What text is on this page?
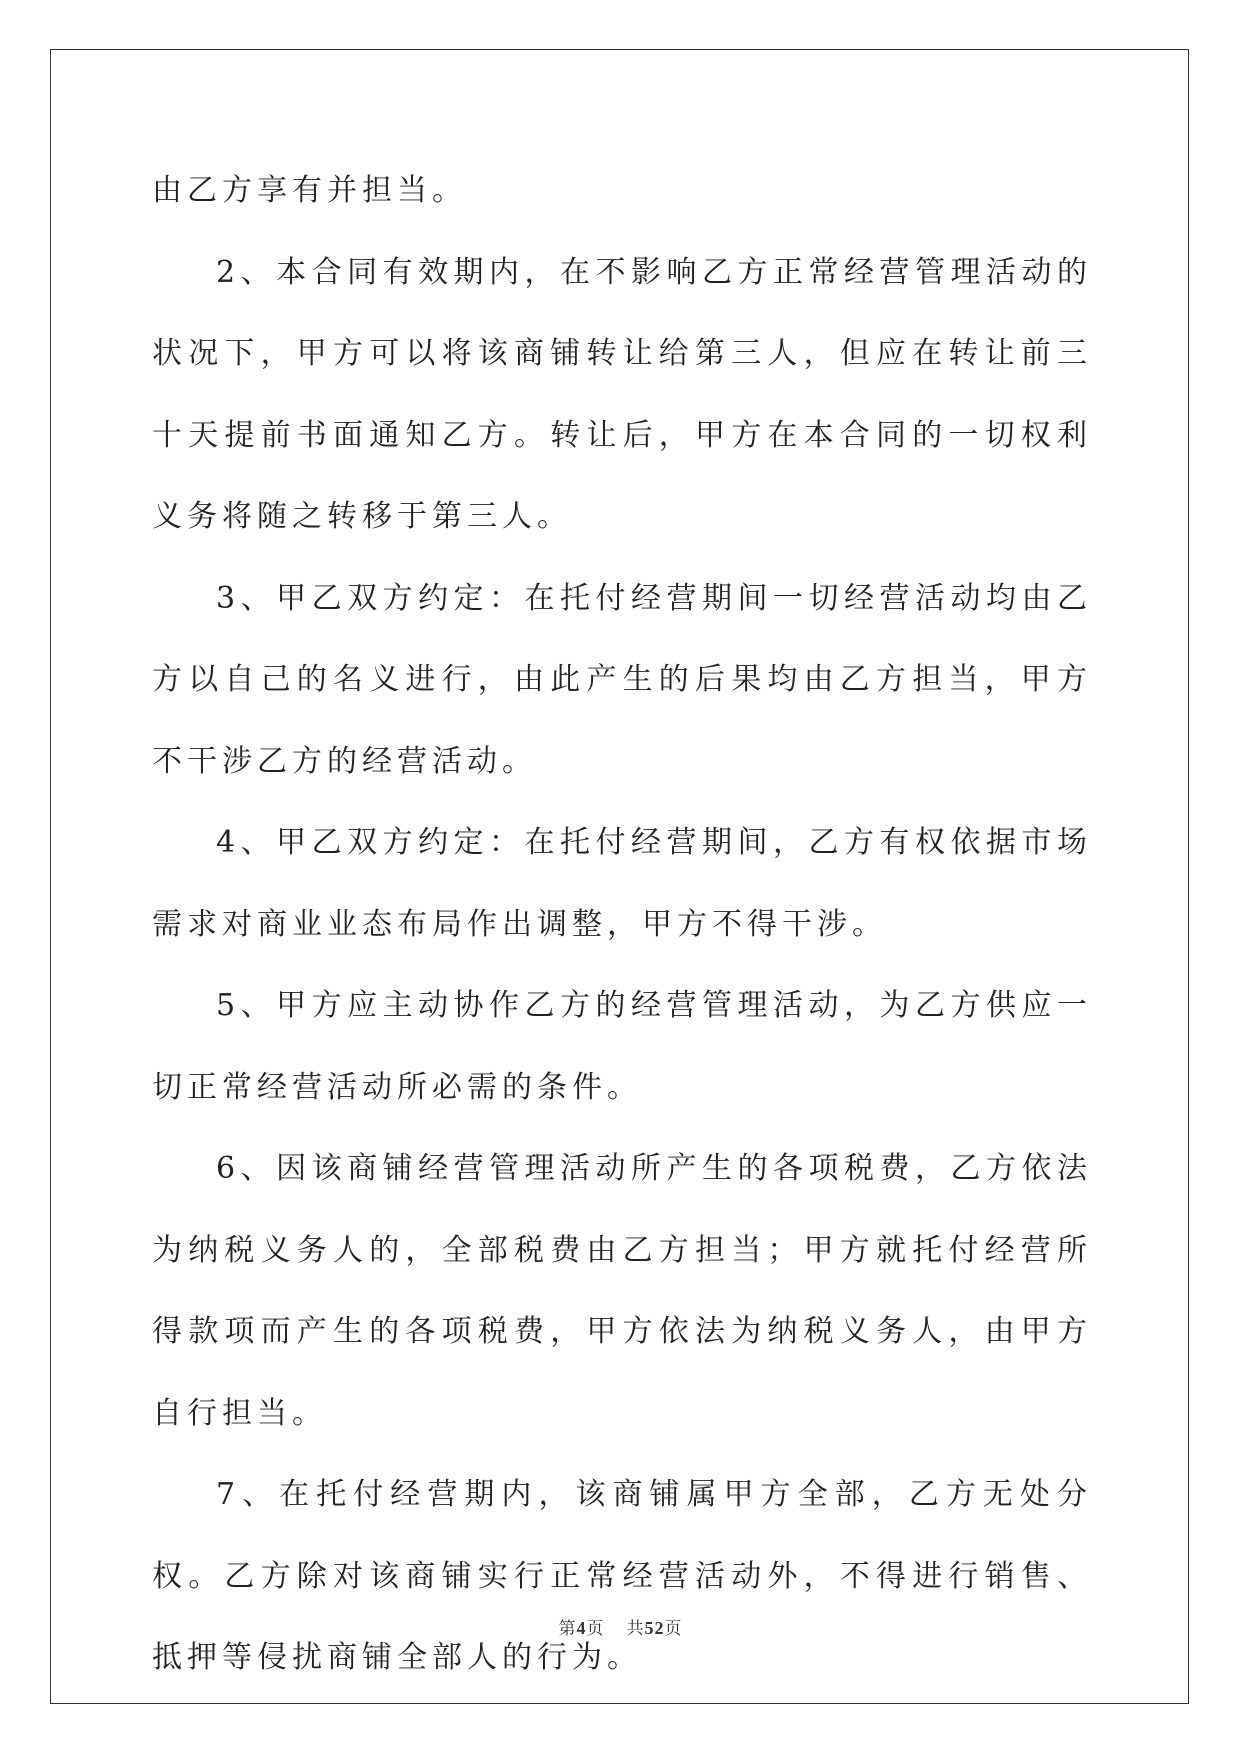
由乙方享有并担当。

2、本合同有效期内，在不影响乙方正常经营管理活动的状况下，甲方可以将该商铺转让给第三人，但应在转让前三十天提前书面通知乙方。转让后，甲方在本合同的一切权利义务将随之转移于第三人。

3、甲乙双方约定：在托付经营期间一切经营活动均由乙方以自己的名义进行，由此产生的后果均由乙方担当，甲方不干涉乙方的经营活动。

4、甲乙双方约定：在托付经营期间，乙方有权依据市场需求对商业业态布局作出调整，甲方不得干涉。

5、甲方应主动协作乙方的经营管理活动，为乙方供应一切正常经营活动所必需的条件。

6、因该商铺经营管理活动所产生的各项税费，乙方依法为纳税义务人的，全部税费由乙方担当；甲方就托付经营所得款项而产生的各项税费，甲方依法为纳税义务人，由甲方自行担当。

7、在托付经营期内，该商铺属甲方全部，乙方无处分权。乙方除对该商铺实行正常经营活动外，不得进行销售、抵押等侵扰商铺全部人的行为。

第4页 共52页
